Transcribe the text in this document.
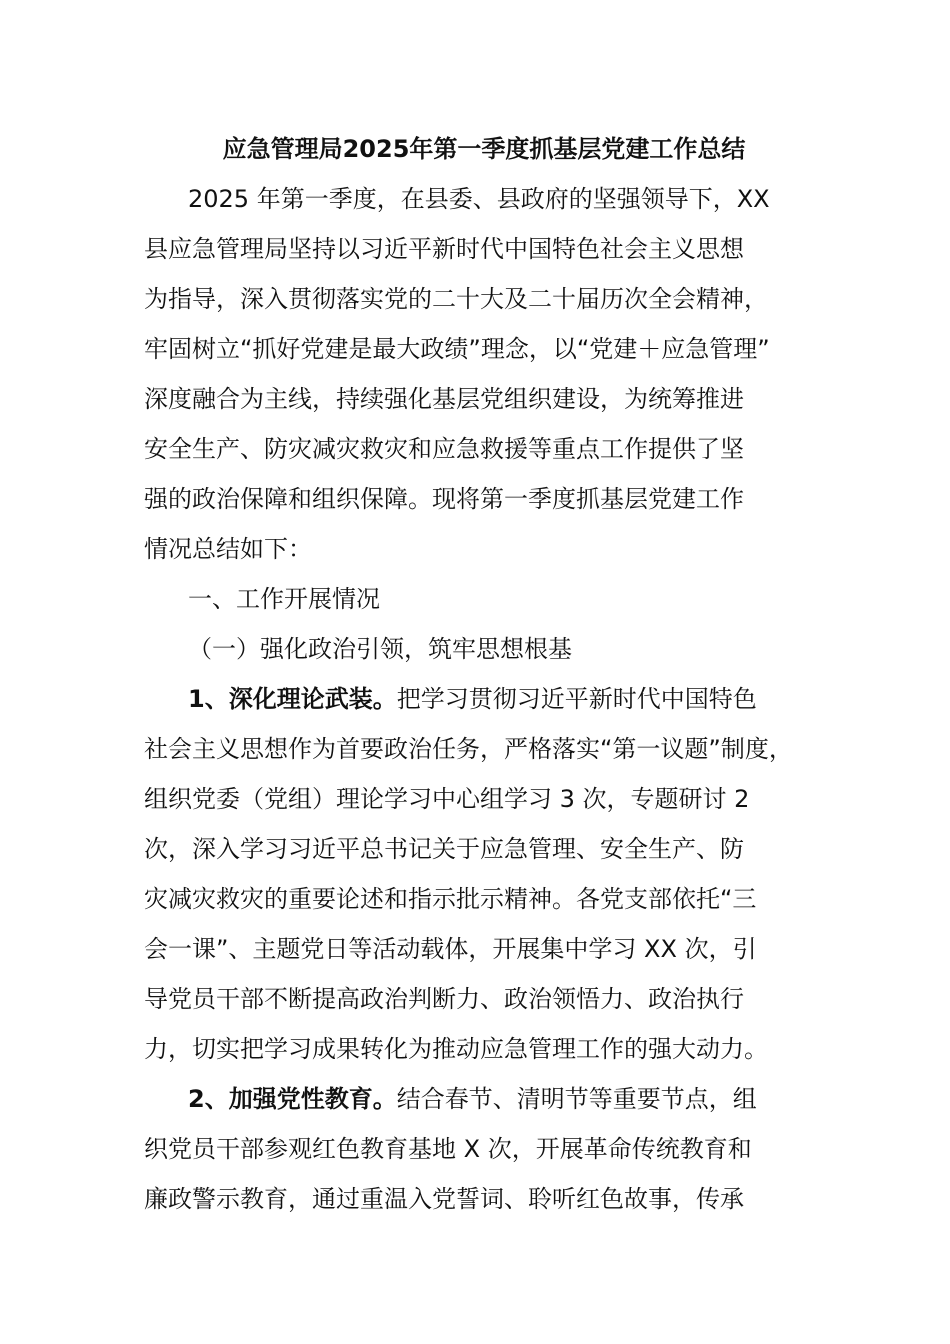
应急管理局2025年第一季度抓基层党建工作总结
2025 年第一季度，在县委、县政府的坚强领导下，XX
县应急管理局坚持以习近平新时代中国特色社会主义思想
为指导，深入贯彻落实党的二十大及二十届历次全会精神，
牢固树立“抓好党建是最大政绩”理念，以“党建＋应急管理”
深度融合为主线，持续强化基层党组织建设，为统筹推进
安全生产、防灾减灾救灾和应急救援等重点工作提供了坚
强的政治保障和组织保障。现将第一季度抓基层党建工作
情况总结如下：
一、工作开展情况
（一）强化政治引领，筑牢思想根基
1、深化理论武装。把学习贯彻习近平新时代中国特色
社会主义思想作为首要政治任务，严格落实“第一议题”制度，
组织党委（党组）理论学习中心组学习 3 次，专题研讨 2
次，深入学习习近平总书记关于应急管理、安全生产、防
灾减灾救灾的重要论述和指示批示精神。各党支部依托“三
会一课”、主题党日等活动载体，开展集中学习 XX 次，引
导党员干部不断提高政治判断力、政治领悟力、政治执行
力，切实把学习成果转化为推动应急管理工作的强大动力。
2、加强党性教育。结合春节、清明节等重要节点，组
织党员干部参观红色教育基地 X 次，开展革命传统教育和
廉政警示教育，通过重温入党誓词、聆听红色故事，传承
